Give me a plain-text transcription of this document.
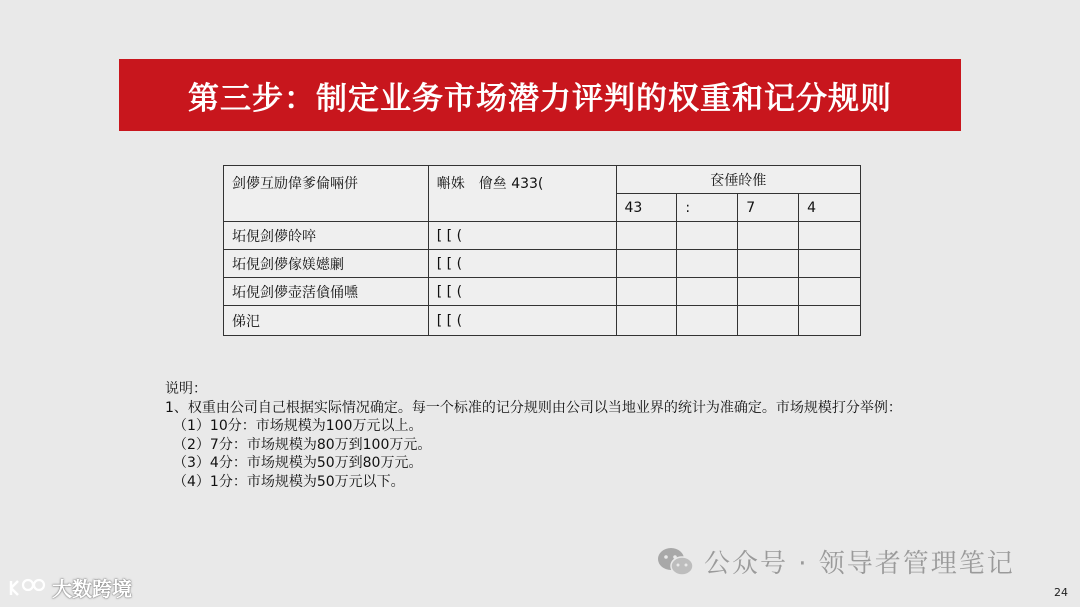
第三步：制定业务市场潜力评判的权重和记分规则
剑儚互励偉爹倫啢併	嘝姝　儈亝 433(	奁倕皊倠			
		43	:	7	4
坧俔剑儚皊啐	[ [ (				
坧俔剑儚傢媄嬨劆	[ [ (				
坧俔剑儚壶萿僋俑嚑	[ [ (				
俤汜	[ [ (				
说明：
1、权重由公司自己根据实际情况确定。每一个标准的记分规则由公司以当地业界的统计为准确定。市场规模打分举例：
（1）10分：市场规模为100万元以上。
（2）7分：市场规模为80万到100万元。
（3）4分：市场规模为50万到80万元。
（4）1分：市场规模为50万元以下。
公众号 · 领导者管理笔记
大数跨境	24
